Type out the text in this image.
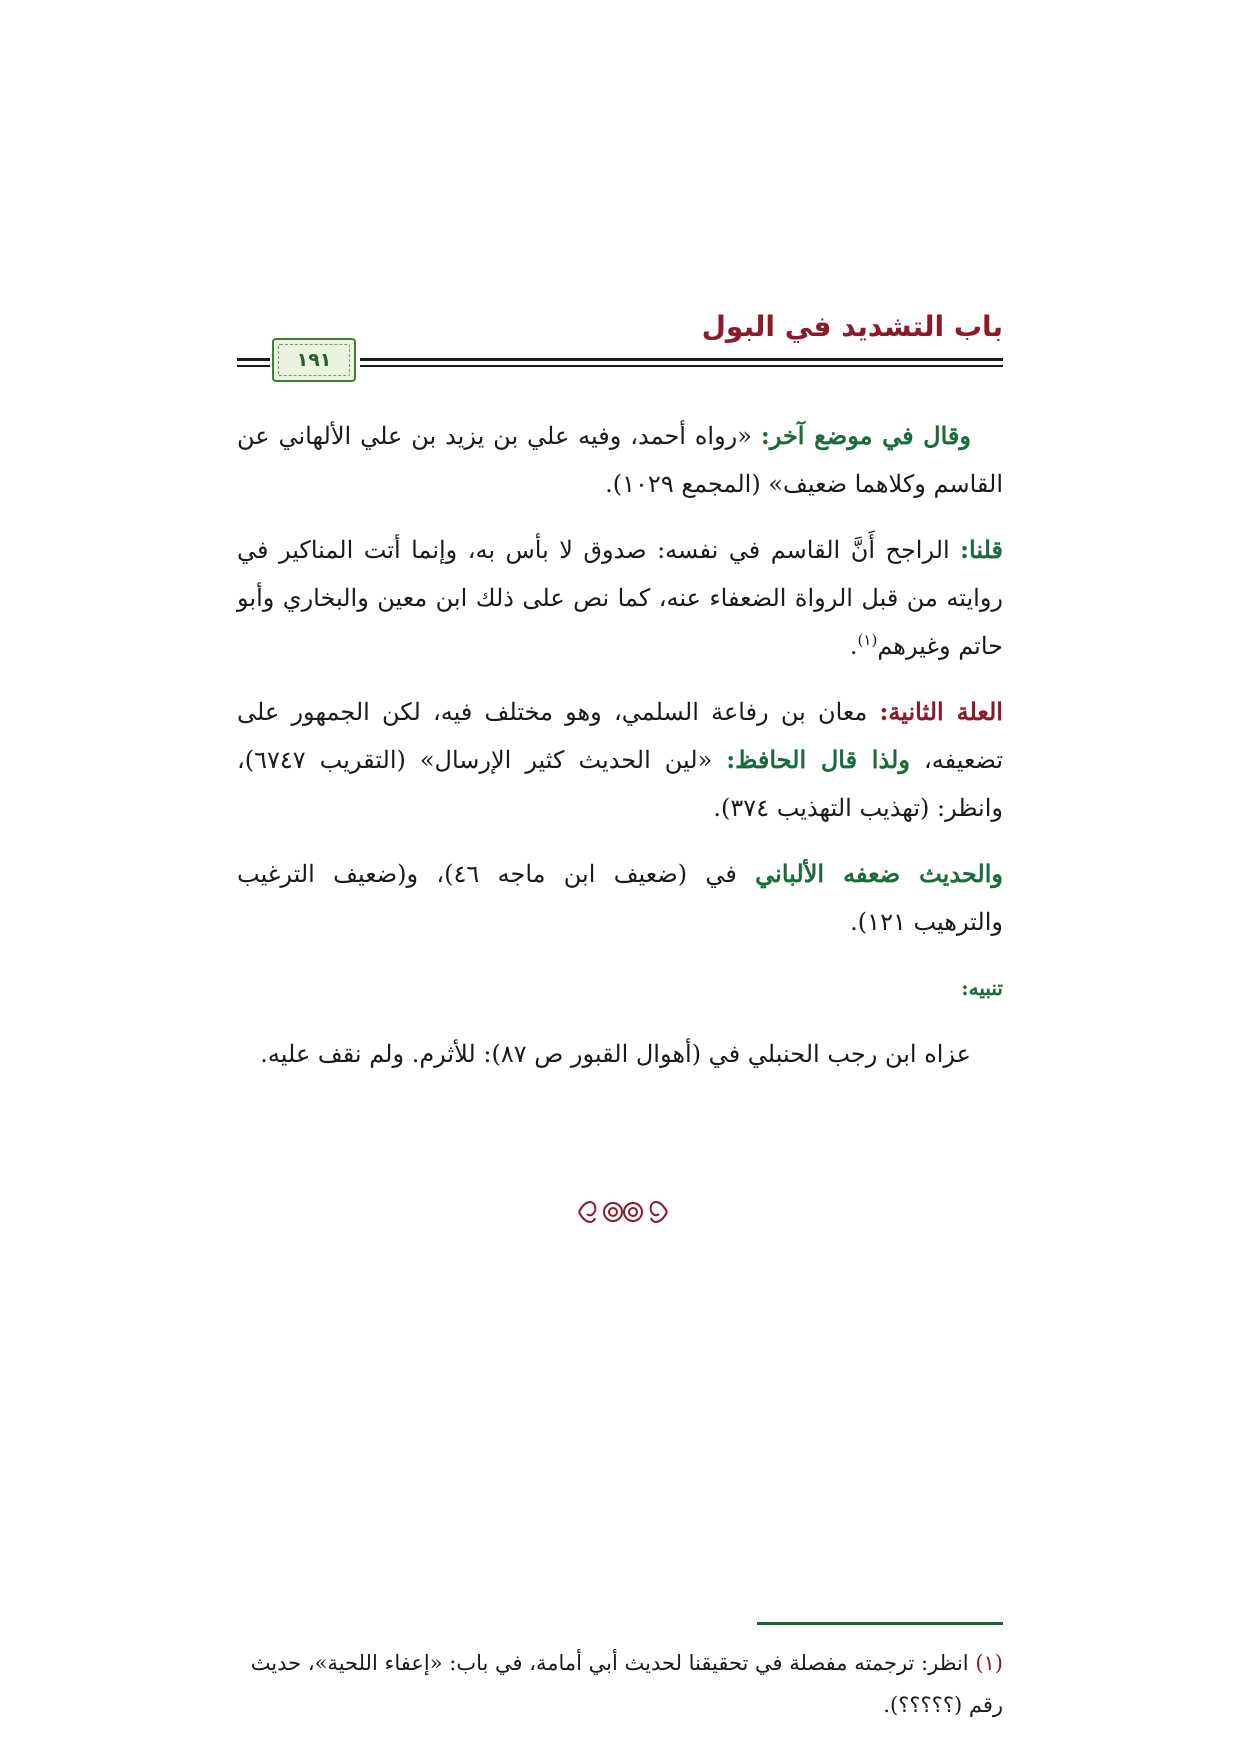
باب التشديد في البول
١٩١

وقال في موضع آخر: «رواه أحمد، وفيه علي بن يزيد بن علي الألهاني عن القاسم وكلاهما ضعيف» (المجمع ١٠٢٩).

قلنا: الراجح أَنَّ القاسم في نفسه: صدوق لا بأس به، وإنما أتت المناكير في روايته من قبل الرواة الضعفاء عنه، كما نص على ذلك ابن معين والبخاري وأبو حاتم وغيرهم$^{(١)}$.

العلة الثانية: معان بن رفاعة السلمي، وهو مختلف فيه، لكن الجمهور على تضعيفه، ولذا قال الحافظ: «لين الحديث كثير الإرسال» (التقريب ٦٧٤٧)، وانظر: (تهذيب التهذيب ٣٧٤).

والحديث ضعفه الألباني في (ضعيف ابن ماجه ٤٦)، و(ضعيف الترغيب والترهيب ١٢١).

تنبيه:

عزاه ابن رجب الحنبلي في (أهوال القبور ص ٨٧): للأثرم. ولم نقف عليه.

(١) انظر: ترجمته مفصلة في تحقيقنا لحديث أبي أمامة، في باب: «إعفاء اللحية»، حديث رقم (؟؟؟؟؟).
